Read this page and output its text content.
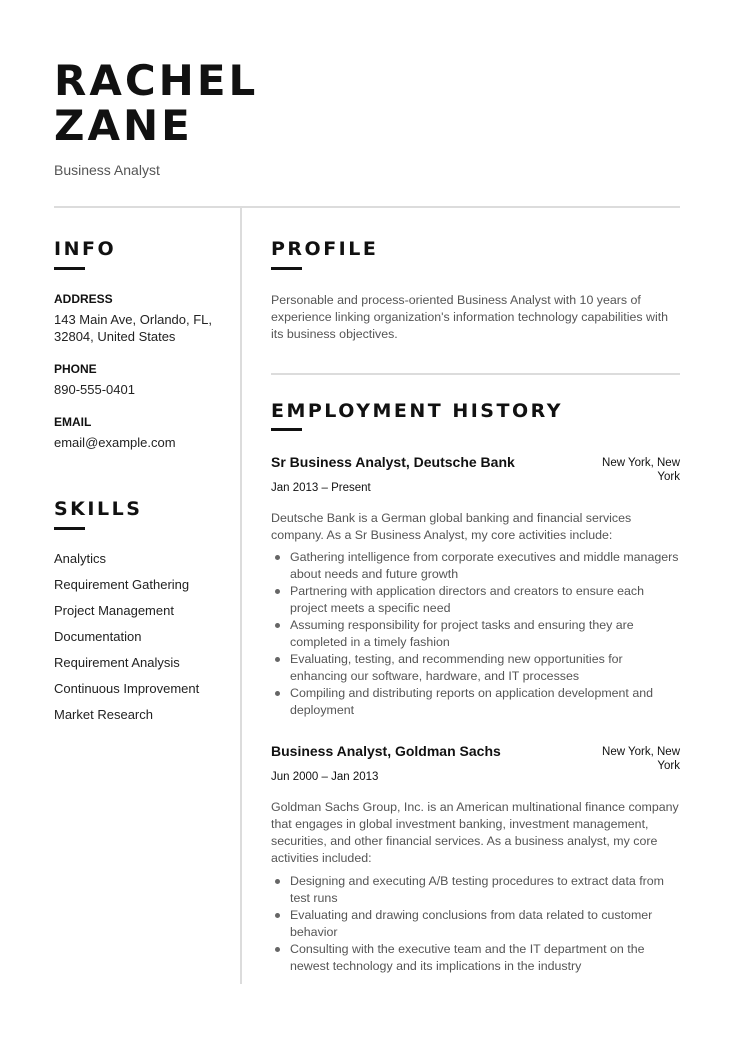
RACHEL
ZANE
Business Analyst
INFO
ADDRESS
143 Main Ave, Orlando, FL, 32804, United States
PHONE
890-555-0401
EMAIL
email@example.com
SKILLS
Analytics
Requirement Gathering
Project Management
Documentation
Requirement Analysis
Continuous Improvement
Market Research
PROFILE
Personable and process-oriented Business Analyst with 10 years of experience linking organization's information technology capabilities with its business objectives.
EMPLOYMENT HISTORY
Sr Business Analyst, Deutsche Bank	New York, New York
Jan 2013 – Present
Deutsche Bank is a German global banking and financial services company. As a Sr Business Analyst, my core activities include:
Gathering intelligence from corporate executives and middle managers about needs and future growth
Partnering with application directors and creators to ensure each project meets a specific need
Assuming responsibility for project tasks and ensuring they are completed in a timely fashion
Evaluating, testing, and recommending new opportunities for enhancing our software, hardware, and IT processes
Compiling and distributing reports on application development and deployment
Business Analyst, Goldman Sachs	New York, New York
Jun 2000 – Jan 2013
Goldman Sachs Group, Inc. is an American multinational finance company that engages in global investment banking, investment management, securities, and other financial services. As a business analyst, my core activities included:
Designing and executing A/B testing procedures to extract data from test runs
Evaluating and drawing conclusions from data related to customer behavior
Consulting with the executive team and the IT department on the newest technology and its implications in the industry
